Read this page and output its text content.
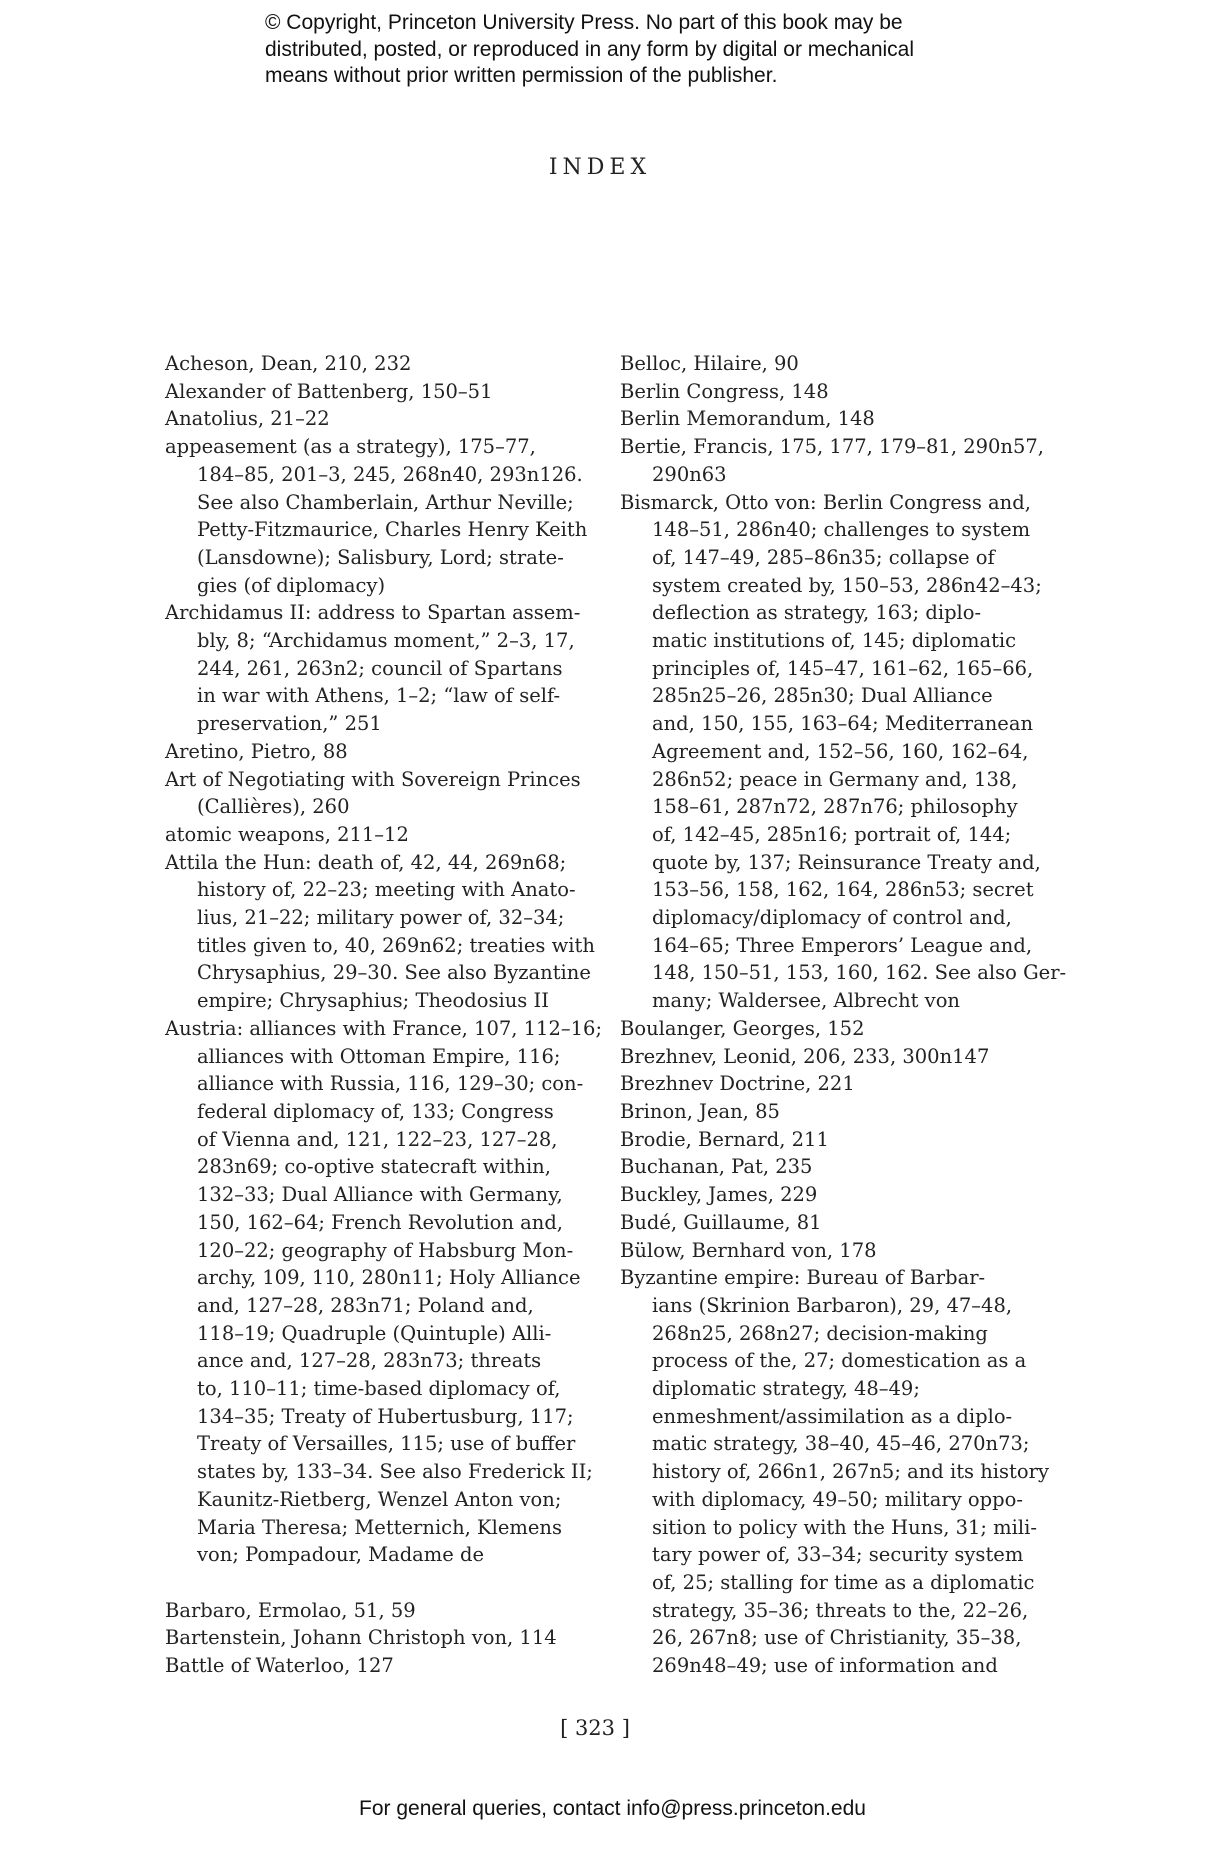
© Copyright, Princeton University Press. No part of this book may be
distributed, posted, or reproduced in any form by digital or mechanical
means without prior written permission of the publisher.
INDEX
Acheson, Dean, 210, 232
Alexander of Battenberg, 150–51
Anatolius, 21–22
appeasement (as a strategy), 175–77,
184–85, 201–3, 245, 268n40, 293n126.
See also Chamberlain, Arthur Neville;
Petty-Fitzmaurice, Charles Henry Keith
(Lansdowne); Salisbury, Lord; strate-
gies (of diplomacy)
Archidamus II: address to Spartan assem-
bly, 8; “Archidamus moment,” 2–3, 17,
244, 261, 263n2; council of Spartans
in war with Athens, 1–2; “law of self-
preservation,” 251
Aretino, Pietro, 88
Art of Negotiating with Sovereign Princes
(Callières), 260
atomic weapons, 211–12
Attila the Hun: death of, 42, 44, 269n68;
history of, 22–23; meeting with Anato-
lius, 21–22; military power of, 32–34;
titles given to, 40, 269n62; treaties with
Chrysaphius, 29–30. See also Byzantine
empire; Chrysaphius; Theodosius II
Austria: alliances with France, 107, 112–16;
alliances with Ottoman Empire, 116;
alliance with Russia, 116, 129–30; con-
federal diplomacy of, 133; Congress
of Vienna and, 121, 122–23, 127–28,
283n69; co-optive statecraft within,
132–33; Dual Alliance with Germany,
150, 162–64; French Revolution and,
120–22; geography of Habsburg Mon-
archy, 109, 110, 280n11; Holy Alliance
and, 127–28, 283n71; Poland and,
118–19; Quadruple (Quintuple) Alli-
ance and, 127–28, 283n73; threats
to, 110–11; time-based diplomacy of,
134–35; Treaty of Hubertusburg, 117;
Treaty of Versailles, 115; use of buffer
states by, 133–34. See also Frederick II;
Kaunitz-Rietberg, Wenzel Anton von;
Maria Theresa; Metternich, Klemens
von; Pompadour, Madame de
Barbaro, Ermolao, 51, 59
Bartenstein, Johann Christoph von, 114
Battle of Waterloo, 127
Belloc, Hilaire, 90
Berlin Congress, 148
Berlin Memorandum, 148
Bertie, Francis, 175, 177, 179–81, 290n57,
290n63
Bismarck, Otto von: Berlin Congress and,
148–51, 286n40; challenges to system
of, 147–49, 285–86n35; collapse of
system created by, 150–53, 286n42–43;
deflection as strategy, 163; diplo-
matic institutions of, 145; diplomatic
principles of, 145–47, 161–62, 165–66,
285n25–26, 285n30; Dual Alliance
and, 150, 155, 163–64; Mediterranean
Agreement and, 152–56, 160, 162–64,
286n52; peace in Germany and, 138,
158–61, 287n72, 287n76; philosophy
of, 142–45, 285n16; portrait of, 144;
quote by, 137; Reinsurance Treaty and,
153–56, 158, 162, 164, 286n53; secret
diplomacy/diplomacy of control and,
164–65; Three Emperors’ League and,
148, 150–51, 153, 160, 162. See also Ger-
many; Waldersee, Albrecht von
Boulanger, Georges, 152
Brezhnev, Leonid, 206, 233, 300n147
Brezhnev Doctrine, 221
Brinon, Jean, 85
Brodie, Bernard, 211
Buchanan, Pat, 235
Buckley, James, 229
Budé, Guillaume, 81
Bülow, Bernhard von, 178
Byzantine empire: Bureau of Barbar-
ians (Skrinion Barbaron), 29, 47–48,
268n25, 268n27; decision-making
process of the, 27; domestication as a
diplomatic strategy, 48–49;
enmeshment/assimilation as a diplo-
matic strategy, 38–40, 45–46, 270n73;
history of, 266n1, 267n5; and its history
with diplomacy, 49–50; military oppo-
sition to policy with the Huns, 31; mili-
tary power of, 33–34; security system
of, 25; stalling for time as a diplomatic
strategy, 35–36; threats to the, 22–26,
26, 267n8; use of Christianity, 35–38,
269n48–49; use of information and
[ 323 ]
For general queries, contact info@press.princeton.edu
